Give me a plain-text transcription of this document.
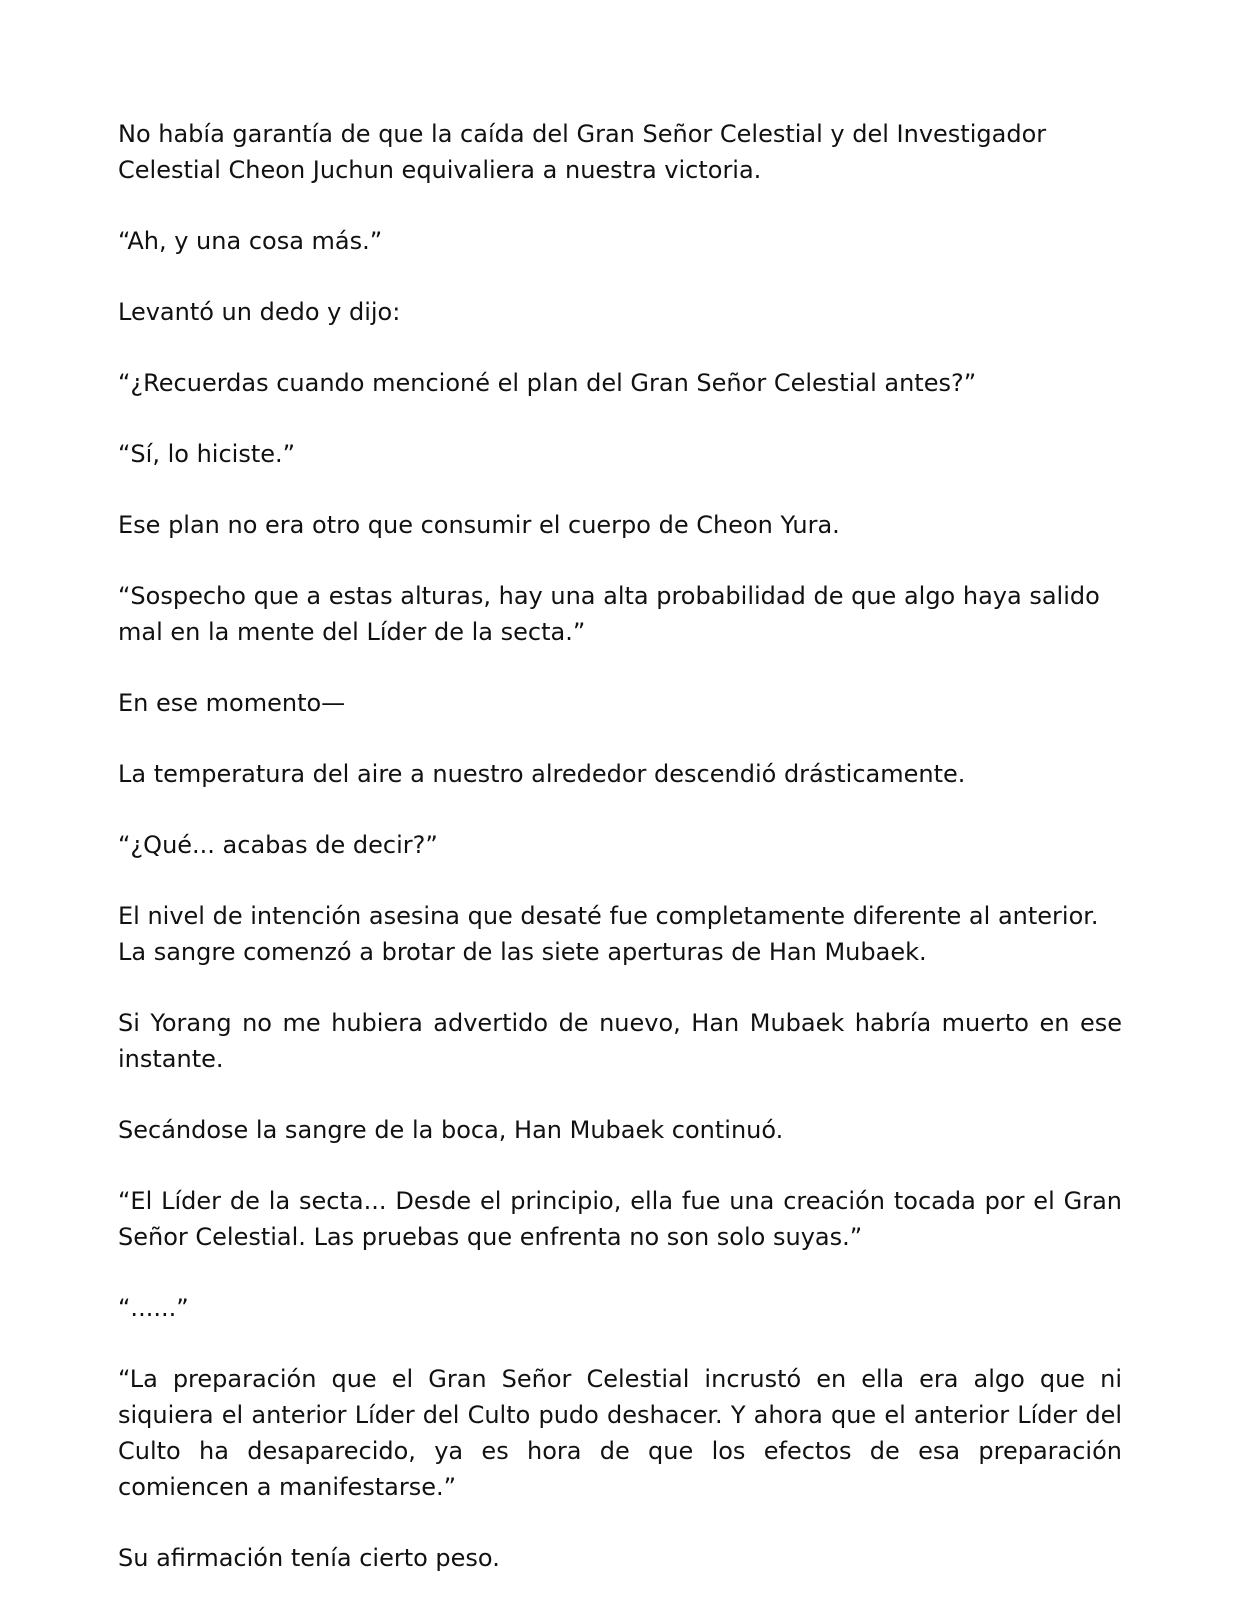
No había garantía de que la caída del Gran Señor Celestial y del Investigador Celestial Cheon Juchun equivaliera a nuestra victoria.

“Ah, y una cosa más.”

Levantó un dedo y dijo:

“¿Recuerdas cuando mencioné el plan del Gran Señor Celestial antes?”

“Sí, lo hiciste.”

Ese plan no era otro que consumir el cuerpo de Cheon Yura.

“Sospecho que a estas alturas, hay una alta probabilidad de que algo haya salido mal en la mente del Líder de la secta.”

En ese momento—

La temperatura del aire a nuestro alrededor descendió drásticamente.

“¿Qué... acabas de decir?”

El nivel de intención asesina que desaté fue completamente diferente al anterior. La sangre comenzó a brotar de las siete aperturas de Han Mubaek.

Si Yorang no me hubiera advertido de nuevo, Han Mubaek habría muerto en ese instante.

Secándose la sangre de la boca, Han Mubaek continuó.

“El Líder de la secta... Desde el principio, ella fue una creación tocada por el Gran Señor Celestial. Las pruebas que enfrenta no son solo suyas.”

“......”

“La preparación que el Gran Señor Celestial incrustó en ella era algo que ni siquiera el anterior Líder del Culto pudo deshacer. Y ahora que el anterior Líder del Culto ha desaparecido, ya es hora de que los efectos de esa preparación comiencen a manifestarse.”

Su afirmación tenía cierto peso.
